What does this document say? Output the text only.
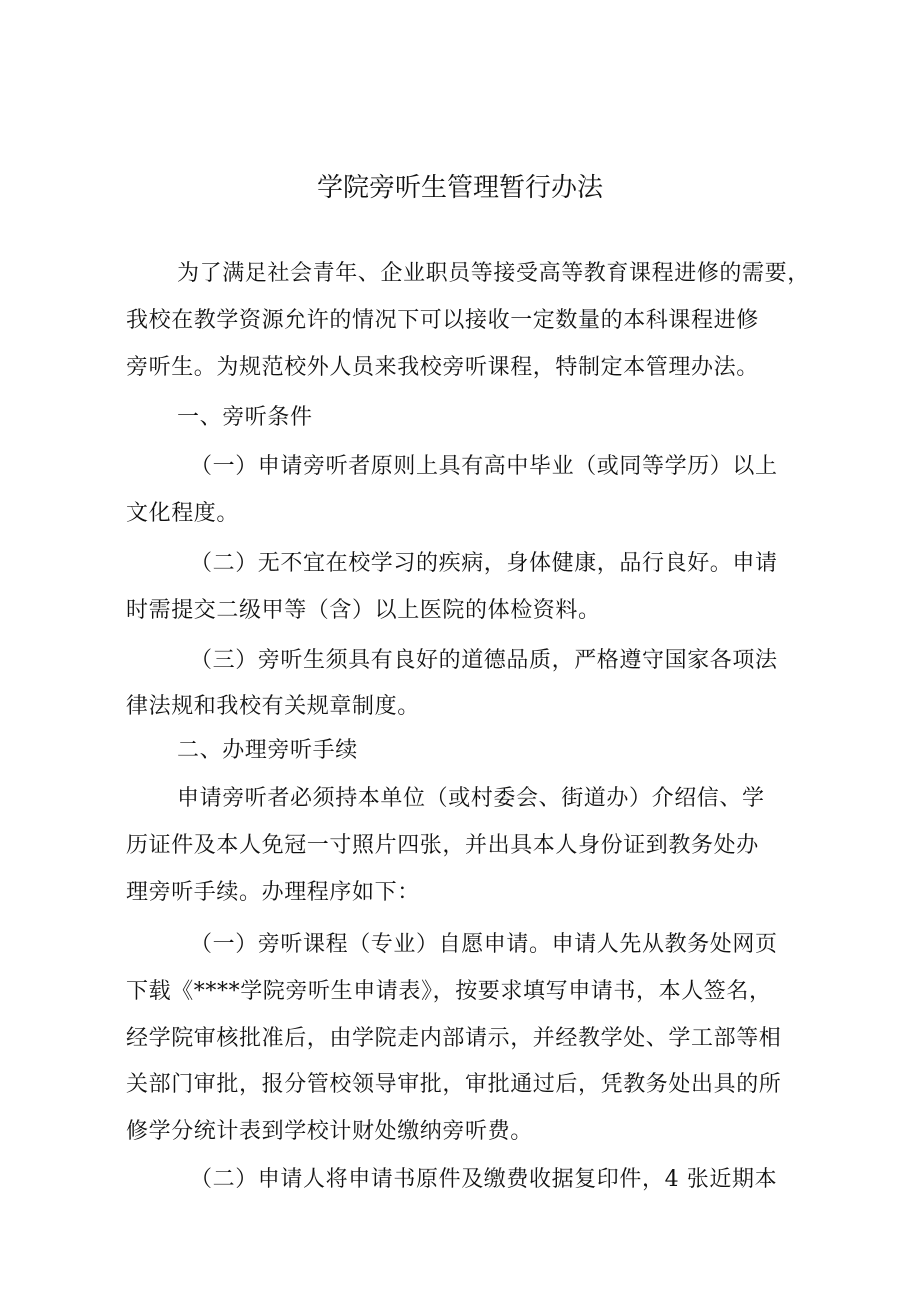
学院旁听生管理暂行办法
为了满足社会青年、企业职员等接受高等教育课程进修的需要，
我校在教学资源允许的情况下可以接收一定数量的本科课程进修
旁听生。为规范校外人员来我校旁听课程，特制定本管理办法。
一、旁听条件
（一）申请旁听者原则上具有高中毕业（或同等学历）以上
文化程度。
（二）无不宜在校学习的疾病，身体健康，品行良好。申请
时需提交二级甲等（含）以上医院的体检资料。
（三）旁听生须具有良好的道德品质，严格遵守国家各项法
律法规和我校有关规章制度。
二、办理旁听手续
申请旁听者必须持本单位（或村委会、街道办）介绍信、学
历证件及本人免冠一寸照片四张，并出具本人身份证到教务处办
理旁听手续。办理程序如下：
（一）旁听课程（专业）自愿申请。申请人先从教务处网页
下载《****学院旁听生申请表》，按要求填写申请书，本人签名，
经学院审核批准后，由学院走内部请示，并经教学处、学工部等相
关部门审批，报分管校领导审批，审批通过后，凭教务处出具的所
修学分统计表到学校计财处缴纳旁听费。
（二）申请人将申请书原件及缴费收据复印件，4 张近期本
